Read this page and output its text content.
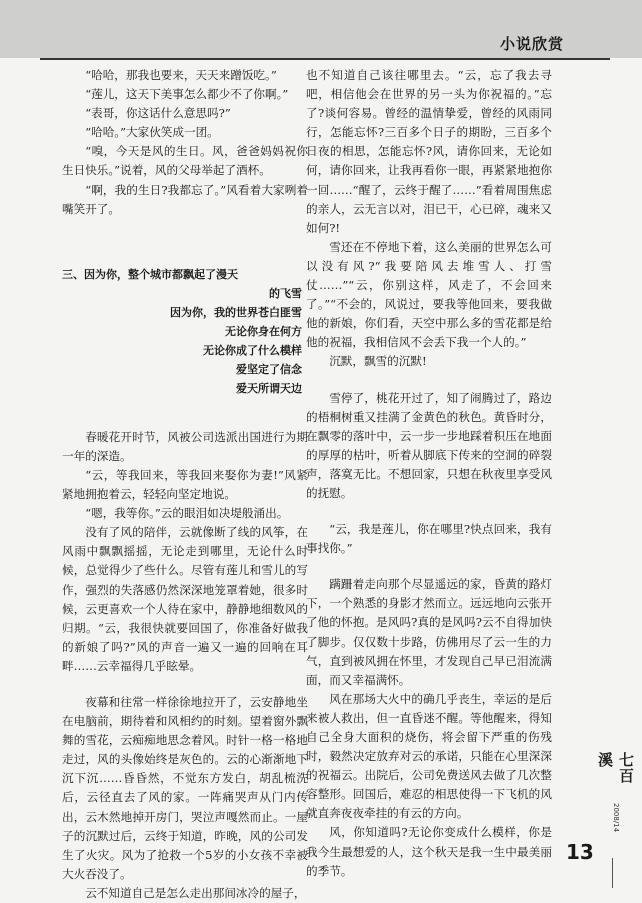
小说欣赏

“哈哈，那我也要来，天天来蹭饭吃。”

“莲儿，这天下美事怎么都少不了你啊。”

“表哥，你这话什么意思吗?”

“哈哈。”大家伙笑成一团。

“嗅，今天是风的生日。风，爸爸妈妈祝你生日快乐。”说着，风的父母举起了酒杯。

“啊，我的生日?我都忘了。”风看着大家咧着嘴笑开了。

三、因为你，整个城市都飘起了漫天
的飞雪
因为你，我的世界苍白匪雪
无论你身在何方
无论你成了什么模样
爱坚定了信念
爱天所谓天边

春暖花开时节，风被公司选派出国进行为期一年的深造。

“云，等我回来，等我回来娶你为妻!”风紧紧地拥抱着云，轻轻向坚定地说。

“嗯，我等你。”云的眼泪如决堤般涌出。

没有了风的陪伴，云就像断了线的风筝，在风雨中飘飘摇摇，无论走到哪里，无论什么时候，总觉得少了些什么。尽管有莲儿和雪儿的写作，强烈的失落感仍然深深地笼罩着她，很多时候，云更喜欢一个人待在家中，静静地细数风的归期。“云，我很快就要回国了，你准备好做我的新娘了吗?”风的声音一遍又一遍的回响在耳畔……云幸福得几乎眩晕。

夜幕和往常一样徐徐地拉开了，云安静地坐在电脑前，期待着和风相约的时刻。望着窗外飘舞的雪花，云痴痴地思念着风。时针一格一格地走过，风的头像始终是灰色的。云的心渐渐地下沉下沉……昏昏然，不觉东方发白，胡乱梳洗后，云径直去了风的家。一阵痛哭声从门内传出，云木然地掉开房门，哭泣声嘎然而止。一屋子的沉默过后，云终于知道，昨晚，风的公司发生了火灾。风为了抢救一个5岁的小女孩不幸被大火吞没了。

云不知道自己是怎么走出那间冰冷的屋子，

也不知道自己该往哪里去。“云，忘了我去寻吧，相信他会在世界的另一头为你祝福的。”忘了?谈何容易。曾经的温情挚爱，曾经的风雨同行，怎能忘怀?三百多个日子的期盼，三百多个日夜的相思，怎能忘怀?风，请你回来，无论如何，请你回来，让我再看你一眼，再紧紧地抱你一回……“醒了，云终于醒了……”看着周围焦虑的亲人，云无言以对，泪已干，心已碎，魂来又如何?!

雪还在不停地下着，这么美丽的世界怎么可以没有风?“我要陪风去堆雪人、打雪仗……”“云，你别这样，风走了，不会回来了。”“不会的，风说过，要我等他回来，要我做他的新娘，你们看，天空中那么多的雪花都是给他的祝福，我相信风不会丢下我一个人的。”

沉默，飘雪的沉默!

雪停了，桃花开过了，知了闹腾过了，路边的梧桐树重又挂满了金黄色的秋色。黄昏时分，在飘零的落叶中，云一步一步地踩着积压在地面的厚厚的枯叶，听着从脚底下传来的空洞的碎裂声，落寞无比。不想回家，只想在秋夜里享受风的抚慰。

“云，我是莲儿，你在哪里?快点回来，我有事找你。”

蹒跚着走向那个尽显遥远的家，昏黄的路灯下，一个熟悉的身影才然而立。远远地向云张开了他的怀抱。是风吗?真的是风吗?云不自得加快了脚步。仅仅数十步路，仿佛用尽了云一生的力气，直到被风拥在怀里，才发现自己早已泪流满面，而又幸福满怀。

风在那场大火中的确几乎丧生，幸运的是后来被人救出，但一直昏迷不醒。等他醒来，得知自己全身大面积的烧伤，将会留下严重的伤残时，毅然决定放弃对云的承诺，只能在心里深深的祝福云。出院后，公司免费送风去做了几次整容整形。回国后，难忍的相思使得一下飞机的风就直奔夜夜牵挂的有云的方向。

风，你知道吗?无论你变成什么模样，你是我今生最想爱的人，这个秋天是我一生中最美丽的季节。

七百溪
2008/14
13
